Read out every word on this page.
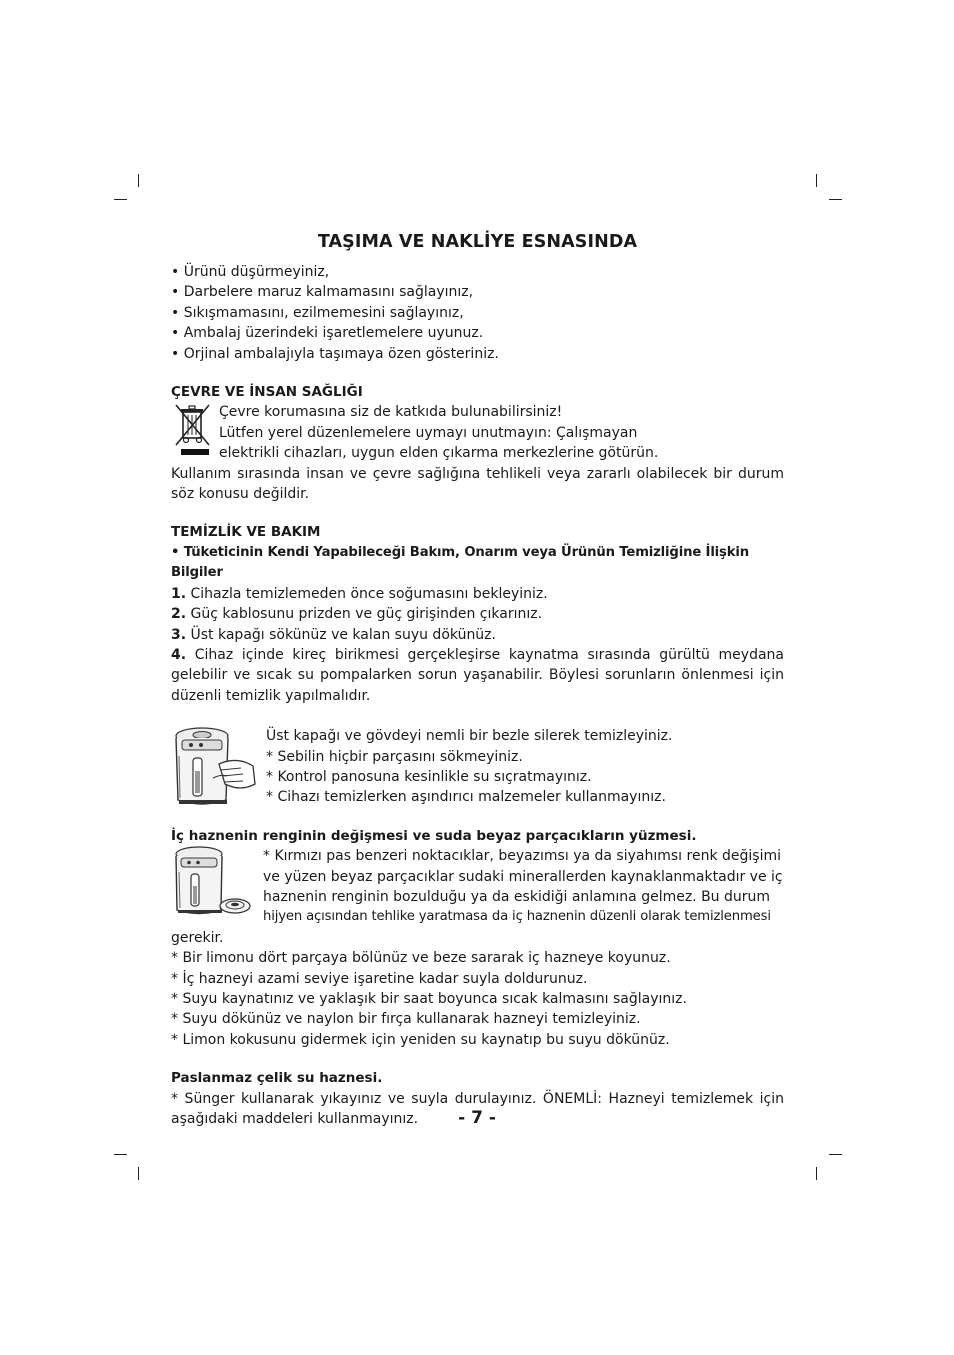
TAŞIMA VE NAKLİYE ESNASINDA
• Ürünü düşürmeyiniz,
• Darbelere maruz kalmamasını sağlayınız,
• Sıkışmamasını, ezilmemesini sağlayınız,
• Ambalaj üzerindeki işaretlemelere uyunuz.
• Orjinal ambalajıyla taşımaya özen gösteriniz.
ÇEVRE VE İNSAN SAĞLIĞI
Çevre korumasına siz de katkıda bulunabilirsiniz!
Lütfen yerel düzenlemelere uymayı unutmayın: Çalışmayan
elektrikli cihazları, uygun elden çıkarma merkezlerine götürün.
Kullanım sırasında insan ve çevre sağlığına tehlikeli veya zararlı olabilecek bir durum söz konusu değildir.
TEMİZLİK VE BAKIM
• Tüketicinin Kendi Yapabileceği Bakım, Onarım veya Ürünün Temizliğine İlişkin Bilgiler
1. Cihazla temizlemeden önce soğumasını bekleyiniz.
2. Güç kablosunu prizden ve güç girişinden çıkarınız.
3. Üst kapağı sökünüz ve kalan suyu dökünüz.
4. Cihaz içinde kireç birikmesi gerçekleşirse kaynatma sırasında gürültü meydana gelebilir ve sıcak su pompalarken sorun yaşanabilir. Böylesi sorunların önlenmesi için düzenli temizlik yapılmalıdır.
Üst kapağı ve gövdeyi nemli bir bezle silerek temizleyiniz.
* Sebilin hiçbir parçasını sökmeyiniz.
* Kontrol panosuna kesinlikle su sıçratmayınız.
* Cihazı temizlerken aşındırıcı malzemeler kullanmayınız.
İç haznenin renginin değişmesi ve suda beyaz parçacıkların yüzmesi.
* Kırmızı pas benzeri noktacıklar, beyazımsı ya da siyahımsı renk değişimi
ve yüzen beyaz parçacıklar sudaki minerallerden kaynaklanmaktadır ve iç
haznenin renginin bozulduğu ya da eskidiği anlamına gelmez. Bu durum
hijyen açısından tehlike yaratmasa da iç haznenin düzenli olarak temizlenmesi
gerekir.
* Bir limonu dört parçaya bölünüz ve beze sararak iç hazneye koyunuz.
* İç hazneyi azami seviye işaretine kadar suyla doldurunuz.
* Suyu kaynatınız ve yaklaşık bir saat boyunca sıcak kalmasını sağlayınız.
* Suyu dökünüz ve naylon bir fırça kullanarak hazneyi temizleyiniz.
* Limon kokusunu gidermek için yeniden su kaynatıp bu suyu dökünüz.
Paslanmaz çelik su haznesi.
* Sünger kullanarak yıkayınız ve suyla durulayınız. ÖNEMLİ: Hazneyi temizlemek için aşağıdaki maddeleri kullanmayınız.	- 7 -
